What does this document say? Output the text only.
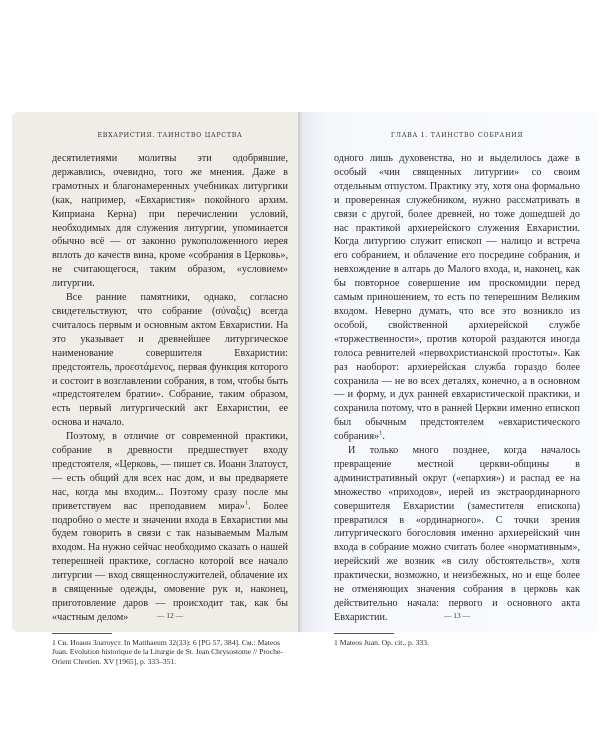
ЕВХАРИСТИЯ. ТАИНСТВО ЦАРСТВА

десятилетиями молитвы эти одобрявшие, державлись, очевидно, того же мнения. Даже в грамотных и благонамеренных учебниках литургики (как, например, «Евхаристия» покойного архим. Киприана Керна) при перечислении условий, необходимых для служения литургии, упоминается обычно всё — от законно рукоположенного иерея вплоть до качеств вина, кроме «собрания в Церковь», не считающегося, таким образом, «условием» литургии.
Все ранние памятники, однако, согласно свидетельствуют, что собрание (σύναξις) всегда считалось первым и основным актом Евхаристии. На это указывает и древнейшее литургическое наименование совершителя Евхаристии: предстоятель, προεστάμενος, первая функция которого и состоит в возглавлении собрания, в том, чтобы быть «предстоятелем братии». Собрание, таким образом, есть первый литургический акт Евхаристии, ее основа и начало.
Поэтому, в отличие от современной практики, собрание в древности предшествует входу предстоятеля, «Церковь, — пишет св. Иоанн Златоуст, — есть общий для всех нас дом, и вы предваряете нас, когда мы входим... Поэтому сразу после мы приветствуем вас преподавием мира»$^1$. Более подробно о месте и значении входа в Евхаристии мы будем говорить в связи с так называемым Малым входом. На нужно сейчас необходимо сказать о нашей теперешней практике, согласно которой все начало литургии — вход священнослужителей, облачение их в священные одежды, омовение рук и, наконец, приготовление даров — происходит так, как бы «частным делом»

1 Св. Иоанн Златоуст. In Matthaeum 32(33): 6 [PG 57, 384]. См.: Mateos Juan. Evolution historique de la Liturgie de St. Jean Chrysostome // Proche-Orient Chretien. XV [1965], p. 333–351.

— 12 —
ГЛАВА 1. ТАИНСТВО СОБРАНИЯ

одного лишь духовенства, но и выделилось даже в особый «чин священных литургии» со своим отдельным отпустом. Практику эту, хотя она формально и проверенная служебником, нужно рассматривать в связи с другой, более древней, но тоже дошедшей до нас практикой архиерейского служения Евхаристии. Когда литургию служит епископ — налицо и встреча его собранием, и облачение его посредине собрания, и невхождение в алтарь до Малого входа, и, наконец, как бы повторное совершение им проскомидии перед самым приношением, то есть по теперешним Великим входом. Неверно думать, что все это возникло из особой, свойственной архиерейской службе «торжественности», против которой раздаются иногда голоса ревнителей «первохристианской простоты». Как раз наоборот: архиерейская служба гораздо более сохранила — не во всех деталях, конечно, а в основном — и форму, и дух ранней евхаристической практики, и сохранила потому, что в ранней Церкви именно епископ был обычным предстоятелем «евхаристического собрания»$^1$.
И только много позднее, когда началось превращение местной церкви-общины в административный округ («епархия») и распад ее на множество «приходов», иерей из экстраординарного совершителя Евхаристии (заместителя епископа) превратился в «ординарного». С точки зрения литургического богословия именно архиерейский чин входа в собрание можно считать более «нормативным», иерейский же возник «в силу обстоятельств», хотя практически, возможно, и неизбежных, но и еще более не отменяющих значения собрания в церковь как действительно начала: первого и основного акта Евхаристии.

1 Mateos Juan. Op. cit., p. 333.

— 13 —
